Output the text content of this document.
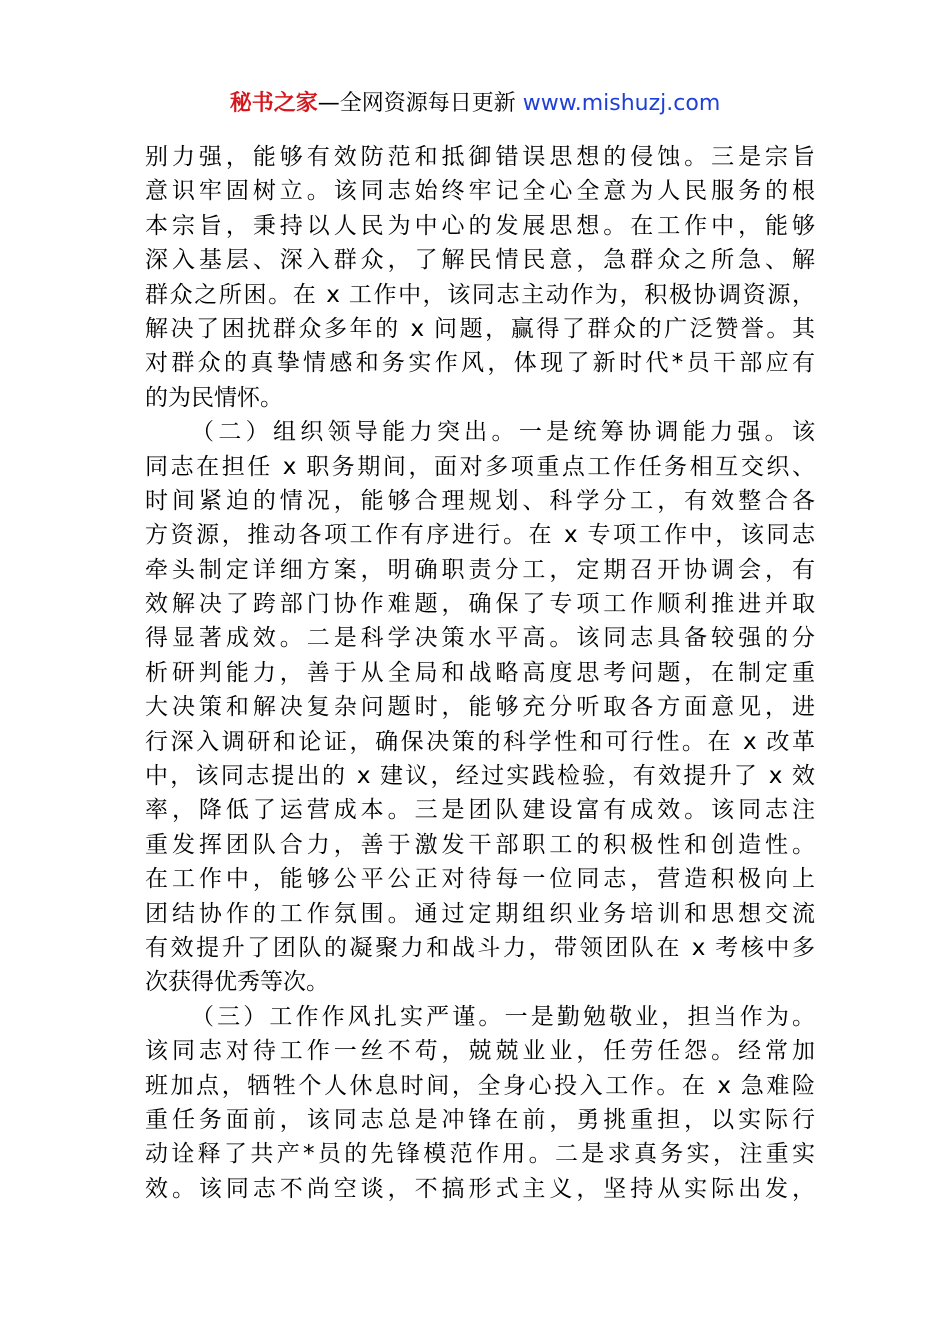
秘书之家—全网资源每日更新 www.mishuzj.com
别力强，能够有效防范和抵御错误思想的侵蚀。三是宗旨
意识牢固树立。该同志始终牢记全心全意为人民服务的根
本宗旨，秉持以人民为中心的发展思想。在工作中，能够
深入基层、深入群众，了解民情民意，急群众之所急、解
群众之所困。在 x 工作中，该同志主动作为，积极协调资源，
解决了困扰群众多年的 x 问题，赢得了群众的广泛赞誉。其
对群众的真挚情感和务实作风，体现了新时代*员干部应有
的为民情怀。
（二）组织领导能力突出。一是统筹协调能力强。该
同志在担任 x 职务期间，面对多项重点工作任务相互交织、
时间紧迫的情况，能够合理规划、科学分工，有效整合各
方资源，推动各项工作有序进行。在 x 专项工作中，该同志
牵头制定详细方案，明确职责分工，定期召开协调会，有
效解决了跨部门协作难题，确保了专项工作顺利推进并取
得显著成效。二是科学决策水平高。该同志具备较强的分
析研判能力，善于从全局和战略高度思考问题，在制定重
大决策和解决复杂问题时，能够充分听取各方面意见，进
行深入调研和论证，确保决策的科学性和可行性。在 x 改革
中，该同志提出的 x 建议，经过实践检验，有效提升了 x 效
率，降低了运营成本。三是团队建设富有成效。该同志注
重发挥团队合力，善于激发干部职工的积极性和创造性。
在工作中，能够公平公正对待每一位同志，营造积极向上
团结协作的工作氛围。通过定期组织业务培训和思想交流
有效提升了团队的凝聚力和战斗力，带领团队在 x 考核中多
次获得优秀等次。
（三）工作作风扎实严谨。一是勤勉敬业，担当作为。
该同志对待工作一丝不苟，兢兢业业，任劳任怨。经常加
班加点，牺牲个人休息时间，全身心投入工作。在 x 急难险
重任务面前，该同志总是冲锋在前，勇挑重担，以实际行
动诠释了共产*员的先锋模范作用。二是求真务实，注重实
效。该同志不尚空谈，不搞形式主义，坚持从实际出发，
